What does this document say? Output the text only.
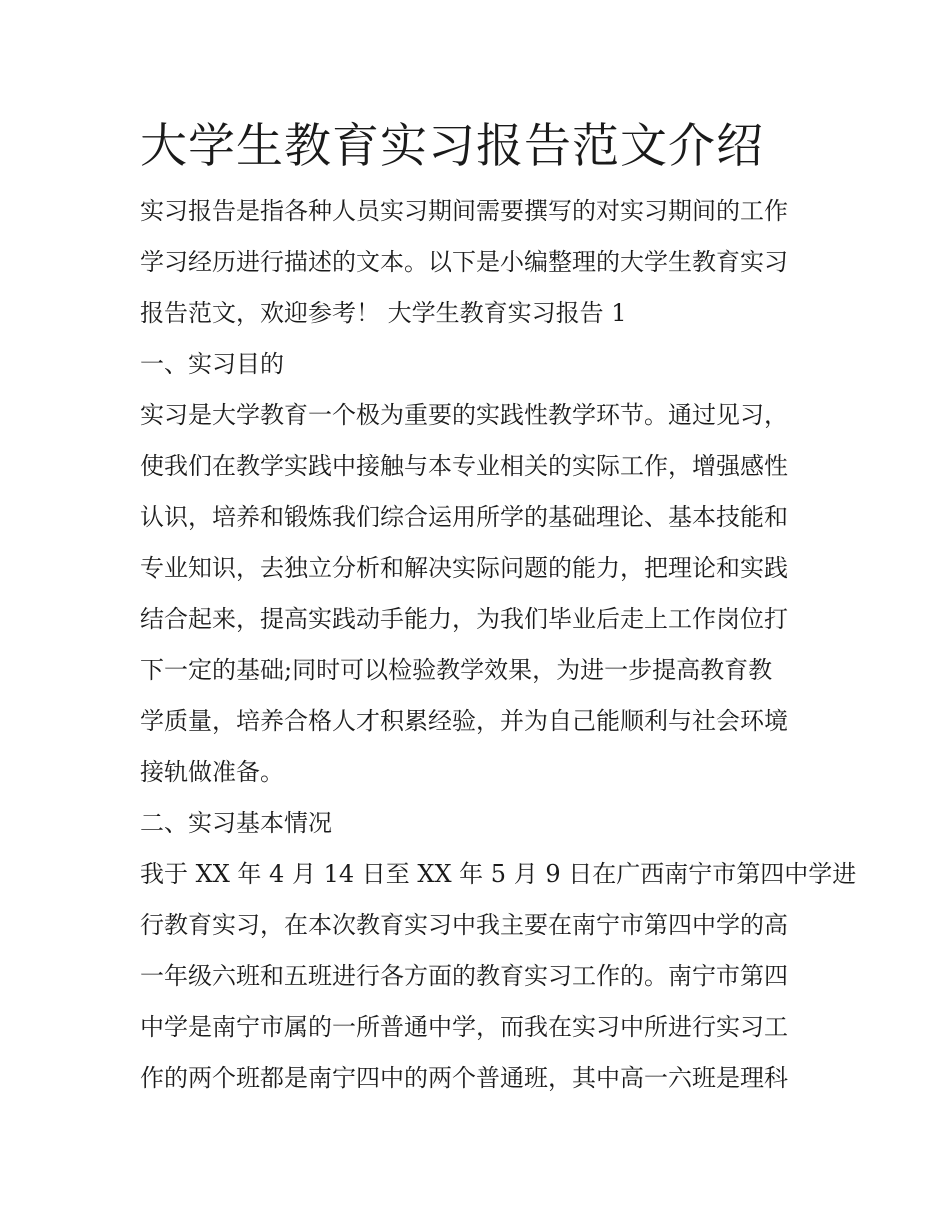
大学生教育实习报告范文介绍

实习报告是指各种人员实习期间需要撰写的对实习期间的工作

学习经历进行描述的文本。以下是小编整理的大学生教育实习

报告范文，欢迎参考！ 大学生教育实习报告 1

一、实习目的

实习是大学教育一个极为重要的实践性教学环节。通过见习，

使我们在教学实践中接触与本专业相关的实际工作，增强感性

认识，培养和锻炼我们综合运用所学的基础理论、基本技能和

专业知识，去独立分析和解决实际问题的能力，把理论和实践

结合起来，提高实践动手能力，为我们毕业后走上工作岗位打

下一定的基础;同时可以检验教学效果，为进一步提高教育教

学质量，培养合格人才积累经验，并为自己能顺利与社会环境

接轨做准备。

二、实习基本情况

我于 XX 年 4 月 14 日至 XX 年 5 月 9 日在广西南宁市第四中学进

行教育实习，在本次教育实习中我主要在南宁市第四中学的高

一年级六班和五班进行各方面的教育实习工作的。南宁市第四

中学是南宁市属的一所普通中学，而我在实习中所进行实习工

作的两个班都是南宁四中的两个普通班，其中高一六班是理科
